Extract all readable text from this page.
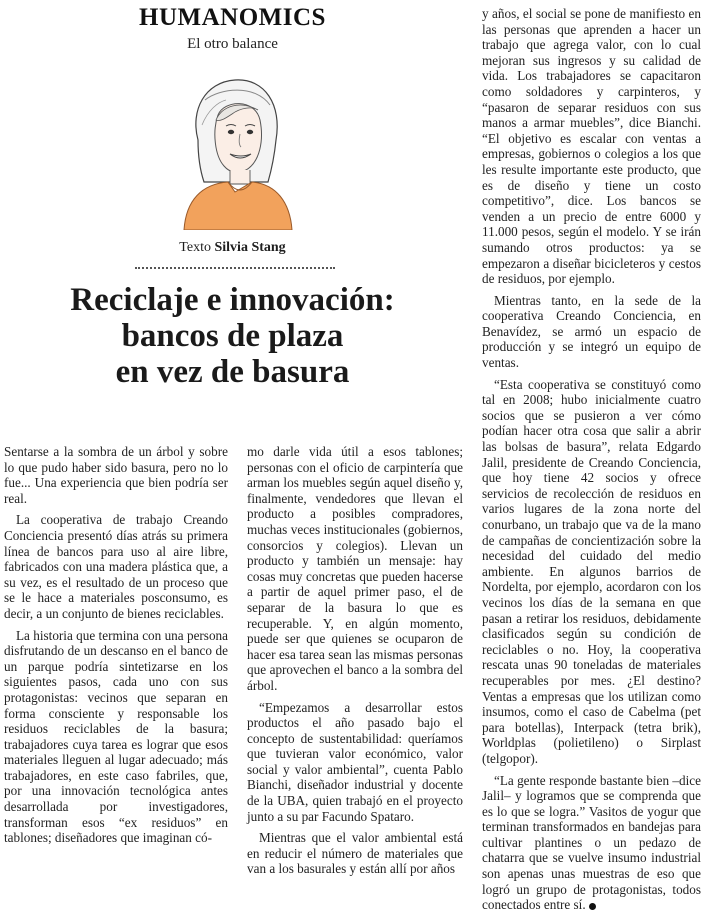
HUMANOMICS
El otro balance
Texto Silvia Stang
Reciclaje e innovación:
bancos de plaza
en vez de basura

Sentarse a la sombra de un árbol y sobre lo que pudo haber sido basura, pero no lo fue... Una experiencia que bien podría ser real.

La cooperativa de trabajo Creando Conciencia presentó días atrás su primera línea de bancos para uso al aire libre, fabricados con una madera plástica que, a su vez, es el resultado de un proceso que se le hace a materiales posconsumo, es decir, a un conjunto de bienes reciclables.

La historia que termina con una persona disfrutando de un descanso en el banco de un parque podría sintetizarse en los siguientes pasos, cada uno con sus protagonistas: vecinos que separan en forma consciente y responsable los residuos reciclables de la basura; trabajadores cuya tarea es lograr que esos materiales lleguen al lugar adecuado; más trabajadores, en este caso fabriles, que, por una innovación tecnológica antes desarrollada por investigadores, transforman esos “ex residuos” en tablones; diseñadores que imaginan có-

mo darle vida útil a esos tablones; personas con el oficio de carpintería que arman los muebles según aquel diseño y, finalmente, vendedores que llevan el producto a posibles compradores, muchas veces institucionales (gobiernos, consorcios y colegios). Llevan un producto y también un mensaje: hay cosas muy concretas que pueden hacerse a partir de aquel primer paso, el de separar de la basura lo que es recuperable. Y, en algún momento, puede ser que quienes se ocuparon de hacer esa tarea sean las mismas personas que aprovechen el banco a la sombra del árbol.

“Empezamos a desarrollar estos productos el año pasado bajo el concepto de sustentabilidad: queríamos que tuvieran valor económico, valor social y valor ambiental”, cuenta Pablo Bianchi, diseñador industrial y docente de la UBA, quien trabajó en el proyecto junto a su par Facundo Spataro.

Mientras que el valor ambiental está en reducir el número de materiales que van a los basurales y están allí por años

y años, el social se pone de manifiesto en las personas que aprenden a hacer un trabajo que agrega valor, con lo cual mejoran sus ingresos y su calidad de vida. Los trabajadores se capacitaron como soldadores y carpinteros, y “pasaron de separar residuos con sus manos a armar muebles”, dice Bianchi. “El objetivo es escalar con ventas a empresas, gobiernos o colegios a los que les resulte importante este producto, que es de diseño y tiene un costo competitivo”, dice. Los bancos se venden a un precio de entre 6000 y 11.000 pesos, según el modelo. Y se irán sumando otros productos: ya se empezaron a diseñar bicicleteros y cestos de residuos, por ejemplo.

Mientras tanto, en la sede de la cooperativa Creando Conciencia, en Benavídez, se armó un espacio de producción y se integró un equipo de ventas.

“Esta cooperativa se constituyó como tal en 2008; hubo inicialmente cuatro socios que se pusieron a ver cómo podían hacer otra cosa que salir a abrir las bolsas de basura”, relata Edgardo Jalil, presidente de Creando Conciencia, que hoy tiene 42 socios y ofrece servicios de recolección de residuos en varios lugares de la zona norte del conurbano, un trabajo que va de la mano de campañas de concientización sobre la necesidad del cuidado del medio ambiente. En algunos barrios de Nordelta, por ejemplo, acordaron con los vecinos los días de la semana en que pasan a retirar los residuos, debidamente clasificados según su condición de reciclables o no. Hoy, la cooperativa rescata unas 90 toneladas de materiales recuperables por mes. ¿El destino? Ventas a empresas que los utilizan como insumos, como el caso de Cabelma (pet para botellas), Interpack (tetra brik), Worldplas (polietileno) o Sirplast (telgopor).

“La gente responde bastante bien –dice Jalil– y logramos que se comprenda que es lo que se logra.” Vasitos de yogur que terminan transformados en bandejas para cultivar plantines o un pedazo de chatarra que se vuelve insumo industrial son apenas unas muestras de eso que logró un grupo de protagonistas, todos conectados entre sí.
